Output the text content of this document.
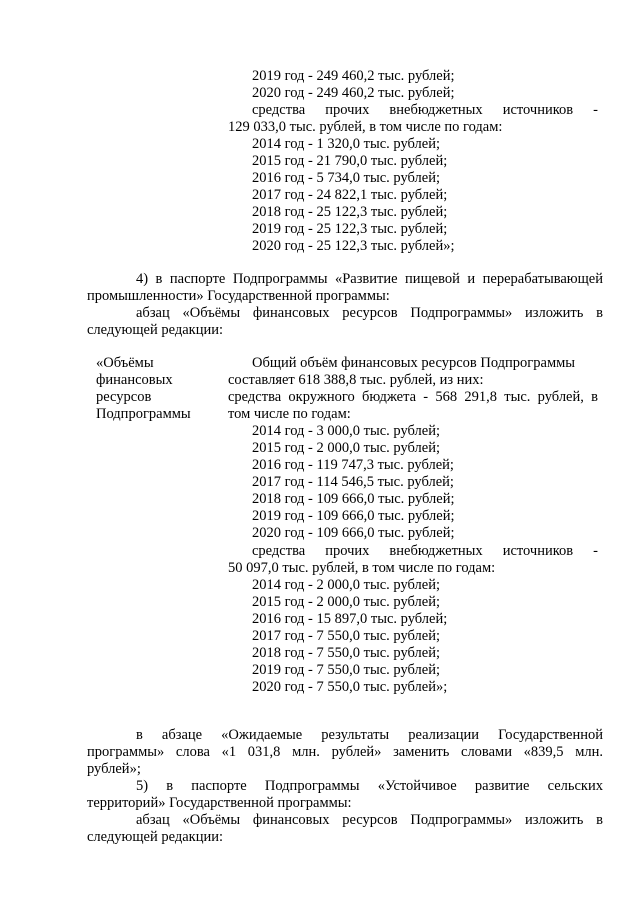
2019 год - 249 460,2 тыс. рублей;
2020 год - 249 460,2 тыс. рублей;
средства прочих внебюджетных источников -
129 033,0 тыс. рублей, в том числе по годам:
2014 год - 1 320,0 тыс. рублей;
2015 год - 21 790,0 тыс. рублей;
2016 год - 5 734,0 тыс. рублей;
2017 год - 24 822,1 тыс. рублей;
2018 год - 25 122,3 тыс. рублей;
2019 год - 25 122,3 тыс. рублей;
2020 год - 25 122,3 тыс. рублей»;
4) в паспорте Подпрограммы «Развитие пищевой и перерабатывающей
промышленности» Государственной программы:
абзац «Объёмы финансовых ресурсов Подпрограммы» изложить в
следующей редакции:
«Объёмы
финансовых
ресурсов
Подпрограммы
Общий объём финансовых ресурсов Подпрограммы
составляет 618 388,8 тыс. рублей, из них:
средства окружного бюджета - 568 291,8 тыс. рублей, в
том числе по годам:
2014 год - 3 000,0 тыс. рублей;
2015 год - 2 000,0 тыс. рублей;
2016 год - 119 747,3 тыс. рублей;
2017 год - 114 546,5 тыс. рублей;
2018 год - 109 666,0 тыс. рублей;
2019 год - 109 666,0 тыс. рублей;
2020 год - 109 666,0 тыс. рублей;
средства прочих внебюджетных источников -
50 097,0 тыс. рублей, в том числе по годам:
2014 год - 2 000,0 тыс. рублей;
2015 год - 2 000,0 тыс. рублей;
2016 год - 15 897,0 тыс. рублей;
2017 год - 7 550,0 тыс. рублей;
2018 год - 7 550,0 тыс. рублей;
2019 год - 7 550,0 тыс. рублей;
2020 год - 7 550,0 тыс. рублей»;
в абзаце «Ожидаемые результаты реализации Государственной
программы» слова «1 031,8 млн. рублей» заменить словами «839,5 млн.
рублей»;
5) в паспорте Подпрограммы «Устойчивое развитие сельских
территорий» Государственной программы:
абзац «Объёмы финансовых ресурсов Подпрограммы» изложить в
следующей редакции:
